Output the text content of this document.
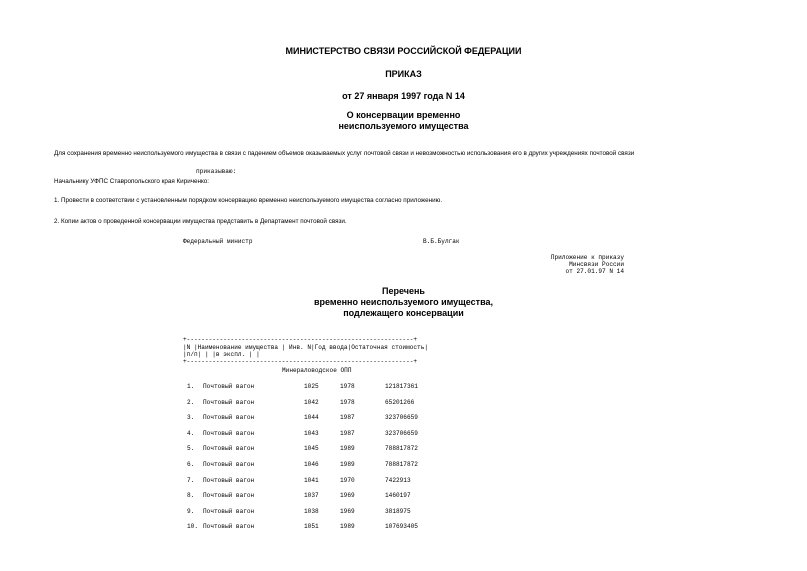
МИНИСТЕРСТВО СВЯЗИ РОССИЙСКОЙ ФЕДЕРАЦИИ
ПРИКАЗ
от 27 января 1997 года N 14
О консервации временно
неиспользуемого имущества
Для сохранения временно неиспользуемого имущества в связи с падением объемов оказываемых услуг почтовой связи и невозможностью использования его в других учреждениях почтовой связи
приказываю:
Начальнику УФПС Ставропольского края Кириченко:
1. Провести в соответствии с установленным порядком консервацию временно неиспользуемого имущества согласно приложению.
2. Копии актов о проведенной консервации имущества представить в Департамент почтовой связи.
Федеральный министр	В.Б.Булгак
Приложение к приказу
Минсвязи России
от 27.01.97 N 14
Перечень
временно неиспользуемого имущества,
подлежащего консервации
+--------------------------------------------------------------+
|N |Наименование имущества | Инв. N|Год ввода|Остаточная стоимость|
|п/п| | |в экспл. | |
+--------------------------------------------------------------+
Минераловодское ОПП
1. Почтовый вагон	1025	1978	121817361
2. Почтовый вагон	1042	1978	65201266
3. Почтовый вагон	1044	1987	323706659
4. Почтовый вагон	1043	1987	323706659
5. Почтовый вагон	1045	1989	788817872
6. Почтовый вагон	1046	1989	788817872
7. Почтовый вагон	1041	1970	7422913
8. Почтовый вагон	1037	1969	1460197
9. Почтовый вагон	1038	1969	3818975
10. Почтовый вагон	1051	1989	107693405
